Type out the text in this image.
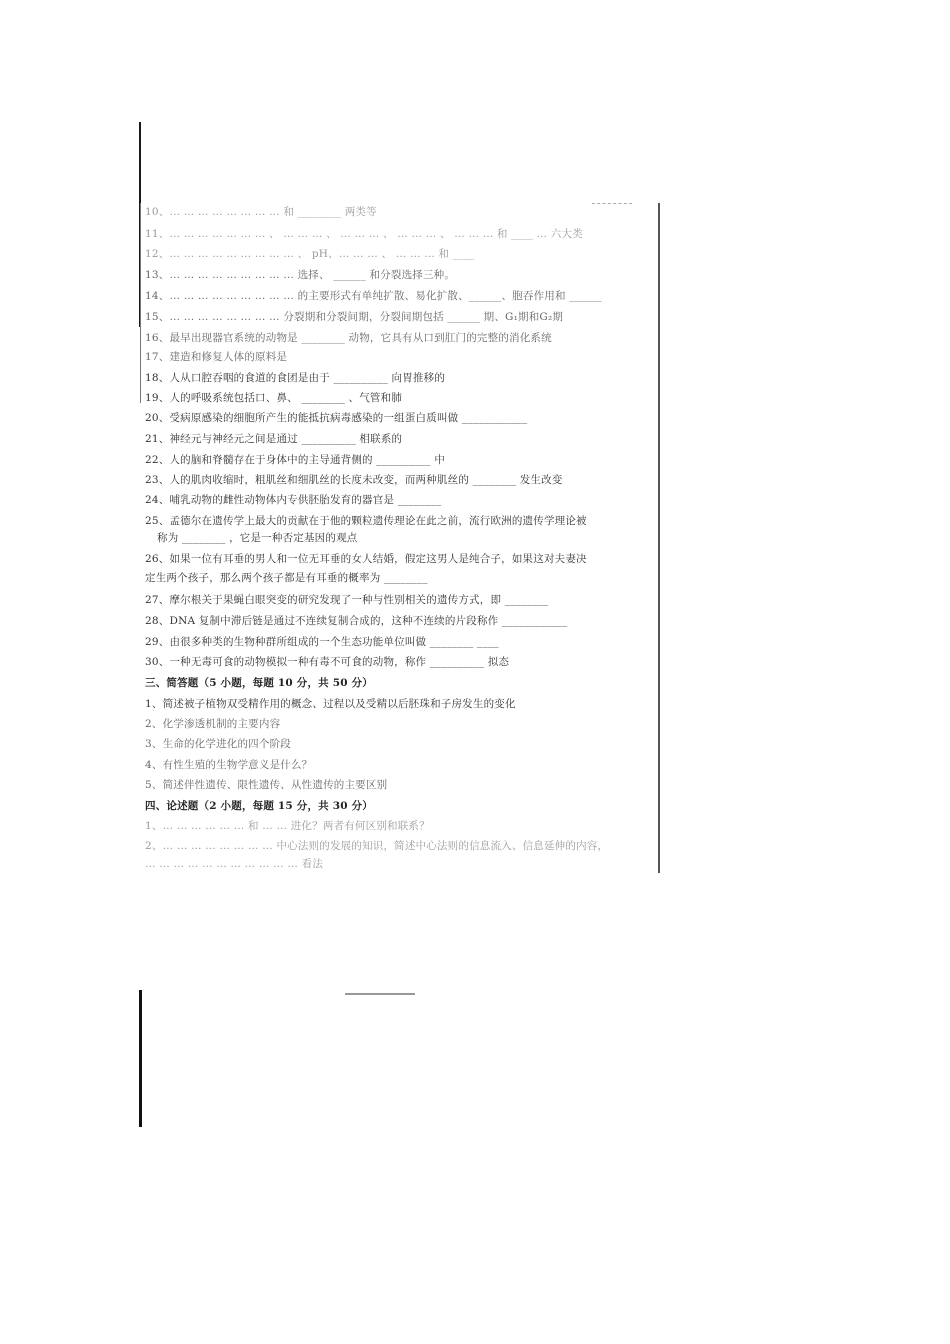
10、… … … … … … … … 和 ________ 两类等
11、… … … … … … … 、 … … … 、 … … … 、 … … … 、 … … … 和 ____ … 六大类
12、… … … … … … … … … 、 pH、… … … 、 … … … 和 ____
13、… … … … … … … … … 选择、 ______ 和分裂选择三种。
14、… … … … … … … … … 的主要形式有单纯扩散、易化扩散、______、胞吞作用和 ______
15、… … … … … … … … 分裂期和分裂间期，分裂间期包括 ______ 期、G₁期和G₂期
16、最早出现器官系统的动物是 ________ 动物，它具有从口到肛门的完整的消化系统
17、建造和修复人体的原料是
18、人从口腔吞咽的食道的食团是由于 __________ 向胃推移的
19、人的呼吸系统包括口、鼻、 ________ 、气管和肺
20、受病原感染的细胞所产生的能抵抗病毒感染的一组蛋白质叫做 ____________
21、神经元与神经元之间是通过 __________ 相联系的
22、人的脑和脊髓存在于身体中的主导通背侧的 __________ 中
23、人的肌肉收缩时，粗肌丝和细肌丝的长度未改变，而两种肌丝的 ________ 发生改变
24、哺乳动物的雌性动物体内专供胚胎发育的器官是 ________
25、孟德尔在遗传学上最大的贡献在于他的颗粒遗传理论在此之前，流行欧洲的遗传学理论被
称为 ________ ，它是一种否定基因的观点
26、如果一位有耳垂的男人和一位无耳垂的女人结婚，假定这男人是纯合子，如果这对夫妻决
定生两个孩子，那么两个孩子都是有耳垂的概率为 ________
27、摩尔根关于果蝇白眼突变的研究发现了一种与性别相关的遗传方式，即 ________
28、DNA 复制中滞后链是通过不连续复制合成的，这种不连续的片段称作 ____________
29、由很多种类的生物种群所组成的一个生态功能单位叫做 ________ ____
30、一种无毒可食的动物模拟一种有毒不可食的动物，称作 __________ 拟态
三、简答题（5 小题，每题 10 分，共 50 分）
1、简述被子植物双受精作用的概念、过程以及受精以后胚珠和子房发生的变化
2、化学渗透机制的主要内容
3、生命的化学进化的四个阶段
4、有性生殖的生物学意义是什么？
5、简述伴性遗传、限性遗传、从性遗传的主要区别
四、论述题（2 小题，每题 15 分，共 30 分）
1、… … … … … … 和 … … 进化？两者有何区别和联系？
2、… … … … … … … … 中心法则的发展的知识，简述中心法则的信息流入、信息延伸的内容，
… … … … … … … … … … … 看法
